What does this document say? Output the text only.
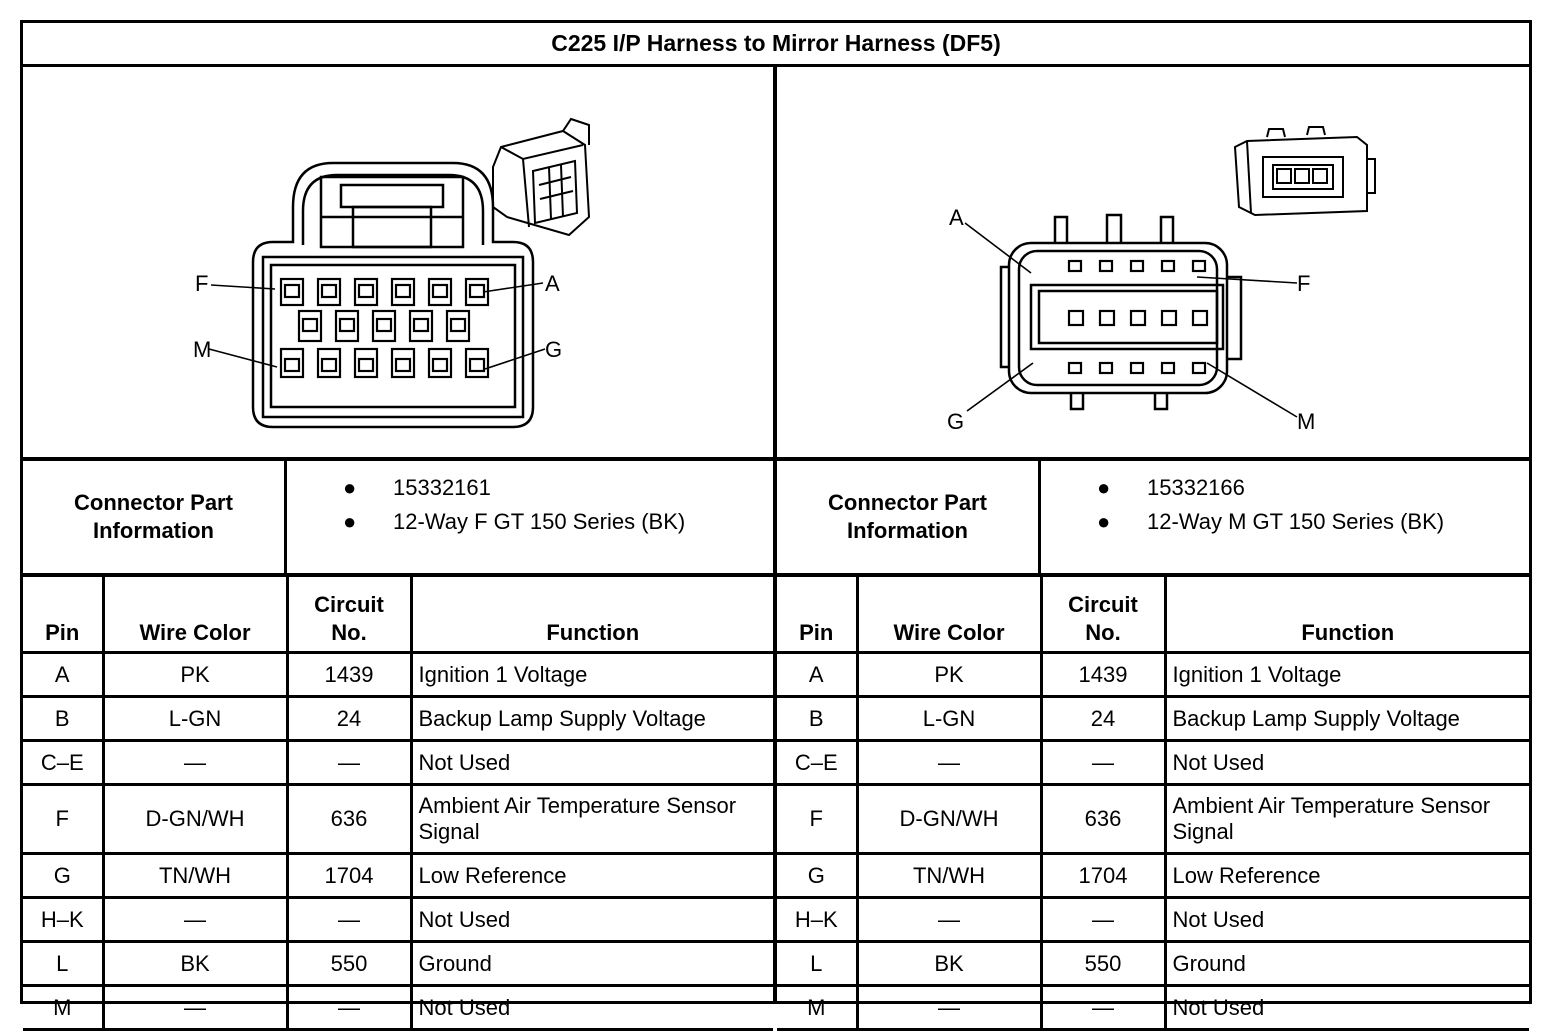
C225 I/P Harness to Mirror Harness (DF5)
F
M
A
G
A
F
G	M
Connector Part Information
● 15332161
● 12-Way F GT 150 Series (BK)
Pin	Wire Color	Circuit No.	Function
A	PK	1439	Ignition 1 Voltage
B	L-GN	24	Backup Lamp Supply Voltage
C–E	—	—	Not Used
F	D-GN/WH	636	Ambient Air Temperature Sensor Signal
G	TN/WH	1704	Low Reference
H–K	—	—	Not Used
L	BK	550	Ground
M	—	—	Not Used
Connector Part Information
● 15332166
● 12-Way M GT 150 Series (BK)
Pin	Wire Color	Circuit No.	Function
A	PK	1439	Ignition 1 Voltage
B	L-GN	24	Backup Lamp Supply Voltage
C–E	—	—	Not Used
F	D-GN/WH	636	Ambient Air Temperature Sensor Signal
G	TN/WH	1704	Low Reference
H–K	—	—	Not Used
L	BK	550	Ground
M	—	—	Not Used
